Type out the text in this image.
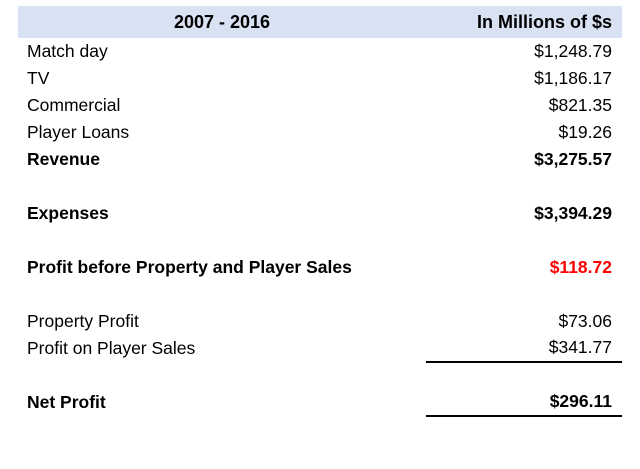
2007 - 2016	In Millions of $s

Match day	$1,248.79

TV	$1,186.17

Commercial	$821.35

Player Loans	$19.26

Revenue	$3,275.57

Expenses	$3,394.29

Profit before Property and Player Sales	$118.72

Property Profit	$73.06

Profit on Player Sales	$341.77

Net Profit	$296.11
